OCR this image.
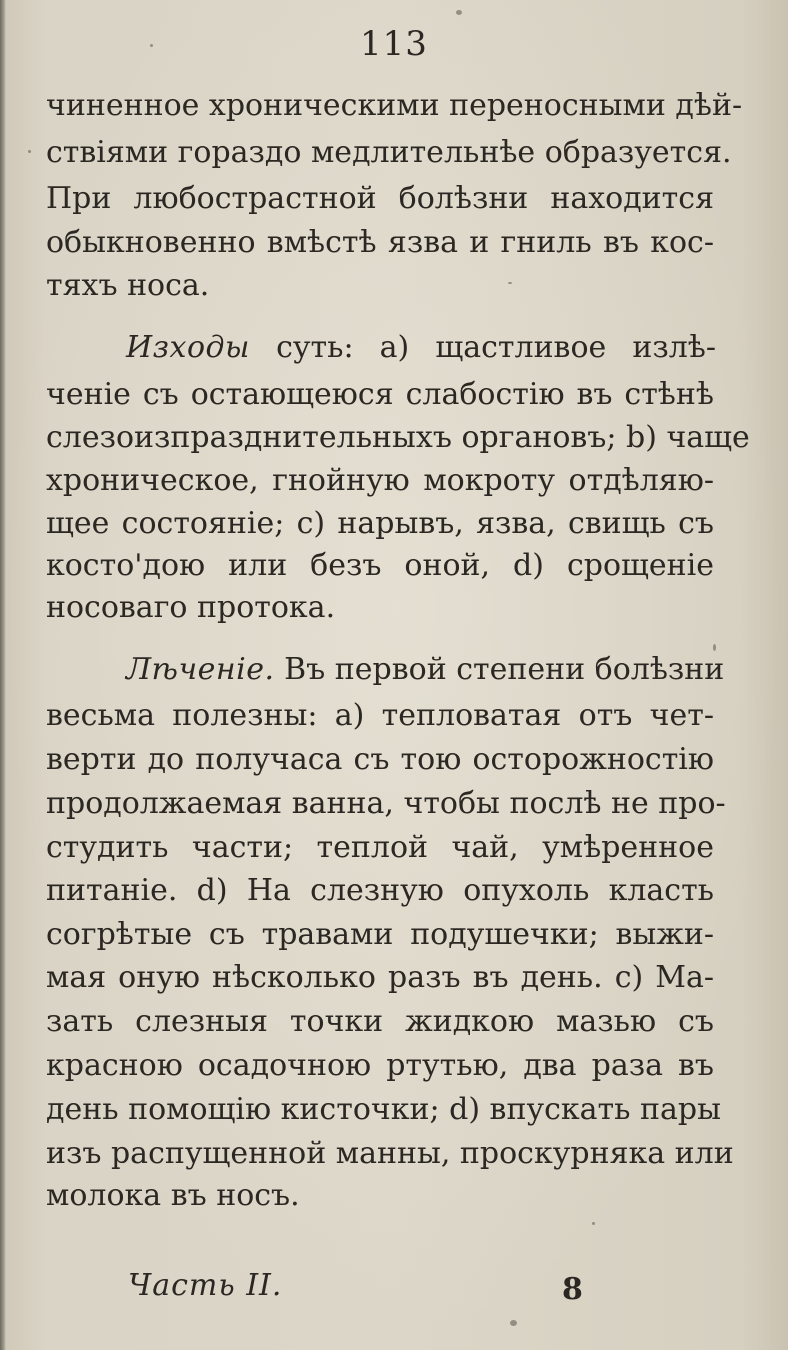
113
чиненное хроническими переносными дѣй-
ствіями гораздо медлительнѣе образуется.
При любострастной болѣзни находится
обыкновенно вмѣстѣ язва и гниль въ кос-
тяхъ носа.
Изходы суть: а) щастливое излѣ-
ченіе съ остающеюся слабостію въ стѣнѣ
слезоизпразднительныхъ органовъ; b) чаще
хроническое, гнойную мокроту отдѣляю-
щее состояніе; с) нарывъ, язва, свищь съ
косто'дою или безъ оной, d) срощеніе
носоваго протока.
Лѣченіе. Въ первой степени болѣзни
весьма полезны: а) тепловатая отъ чет-
верти до получаса съ тою осторожностію
продолжаемая ванна, чтобы послѣ не про-
студить части; теплой чай, умѣренное
питаніе. d) На слезную опухоль класть
согрѣтые съ травами подушечки; выжи-
мая оную нѣсколько разъ въ день. с) Ма-
зать слезныя точки жидкою мазью съ
красною осадочною ртутью, два раза въ
день помощію кисточки; d) впускать пары
изъ распущенной манны, проскурняка или
молока въ носъ.
Часть II.	8
